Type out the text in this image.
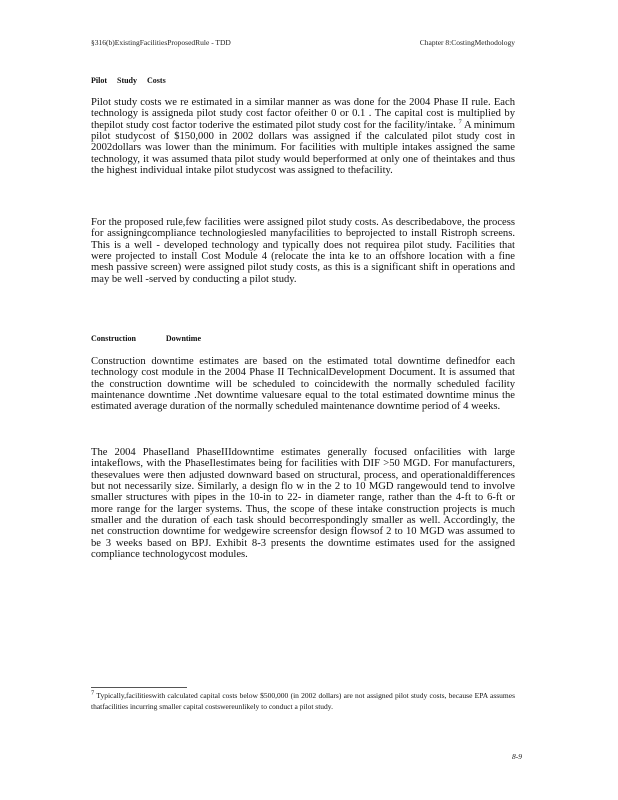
§316(b)ExistingFacilitiesProposedRule - TDD	Chapter 8:CostingMethodology
Pilot     Study     Costs

Pilot study costs we re estimated in a similar manner as was done for the 2004 Phase II rule. Each technology is assigneda pilot study cost factor ofeither 0 or 0.1 . The capital cost is multiplied by thepilot study cost factor toderive the estimated pilot study cost for the facility/intake. $^7$ A minimum pilot studycost of $150,000 in 2002 dollars was assigned if the calculated pilot study cost in 2002dollars was lower than the minimum. For facilities with multiple intakes assigned the same technology, it was assumed thata pilot study would beperformed at only one of theintakes and thus the highest individual intake pilot studycost was assigned to thefacility.

For the proposed rule,few facilities were assigned pilot study costs. As describedabove, the process for assigningcompliance technologiesled manyfacilities to beprojected to install Ristroph screens. This is a well - developed technology and typically does not requirea pilot study. Facilities that were projected to install Cost Module 4 (relocate the inta ke to an offshore location with a fine mesh passive screen) were assigned pilot study costs, as this is a significant shift in operations and may be well -served by conducting a pilot study.

Construction               Downtime

Construction downtime estimates are based on the estimated total downtime definedfor each technology cost module in the 2004 Phase II TechnicalDevelopment Document. It is assumed that the construction downtime will be scheduled to coincidewith the normally scheduled facility maintenance downtime .Net downtime valuesare equal to the total estimated downtime minus the estimated average duration of the normally scheduled maintenance downtime period of 4 weeks.

The 2004 PhaseIland PhaseIIIdowntime estimates generally focused onfacilities with large intakeflows, with the PhaseIlestimates being for facilities with DIF >50 MGD. For manufacturers, thesevalues were then adjusted downward based on structural, process, and operationaldifferences but not necessarily size. Similarly, a design flo w in the 2 to 10 MGD rangewould tend to involve smaller structures with pipes in the 10-in to 22- in diameter range, rather than the 4-ft to 6-ft or more range for the larger systems. Thus, the scope of these intake construction projects is much smaller and the duration of each task should becorrespondingly smaller as well. Accordingly, the net construction downtime for wedgewire screensfor design flowsof 2 to 10 MGD was assumed to be 3 weeks based on BPJ. Exhibit 8-3 presents the downtime estimates used for the assigned compliance technologycost modules.

7 Typically,facilitieswith calculated capital costs below $500,000 (in 2002 dollars) are not assigned pilot study costs, because EPA assumes thatfacilities incurring smaller capital costswereunlikely to conduct a pilot study.

8-9
